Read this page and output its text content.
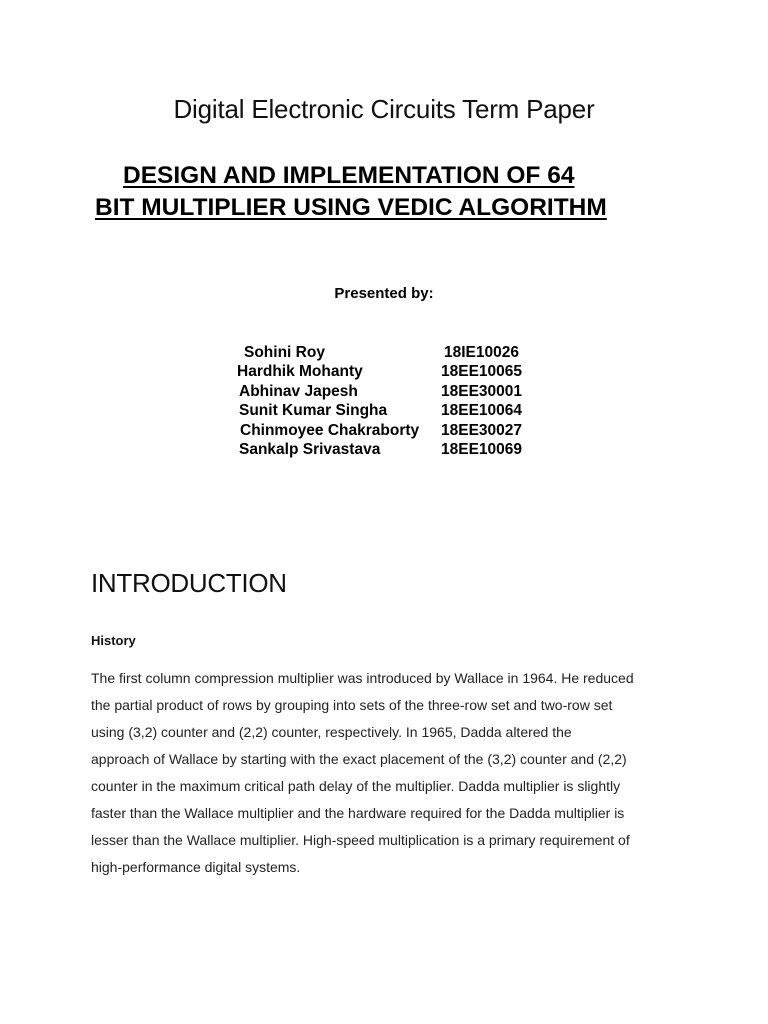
Digital Electronic Circuits Term Paper
DESIGN AND IMPLEMENTATION OF 64
BIT MULTIPLIER USING VEDIC ALGORITHM
Presented by:
Sohini Roy	18IE10026
Hardhik Mohanty	18EE10065
Abhinav Japesh	18EE30001
Sunit Kumar Singha	18EE10064
Chinmoyee Chakraborty 18EE30027
Sankalp Srivastava	18EE10069
INTRODUCTION
History

The first column compression multiplier was introduced by Wallace in 1964. He reduced
the partial product of rows by grouping into sets of the three-row set and two-row set
using (3,2) counter and (2,2) counter, respectively. In 1965, Dadda altered the
approach of Wallace by starting with the exact placement of the (3,2) counter and (2,2)
counter in the maximum critical path delay of the multiplier. Dadda multiplier is slightly
faster than the Wallace multiplier and the hardware required for the Dadda multiplier is
lesser than the Wallace multiplier. High-speed multiplication is a primary requirement of
high-performance digital systems.
